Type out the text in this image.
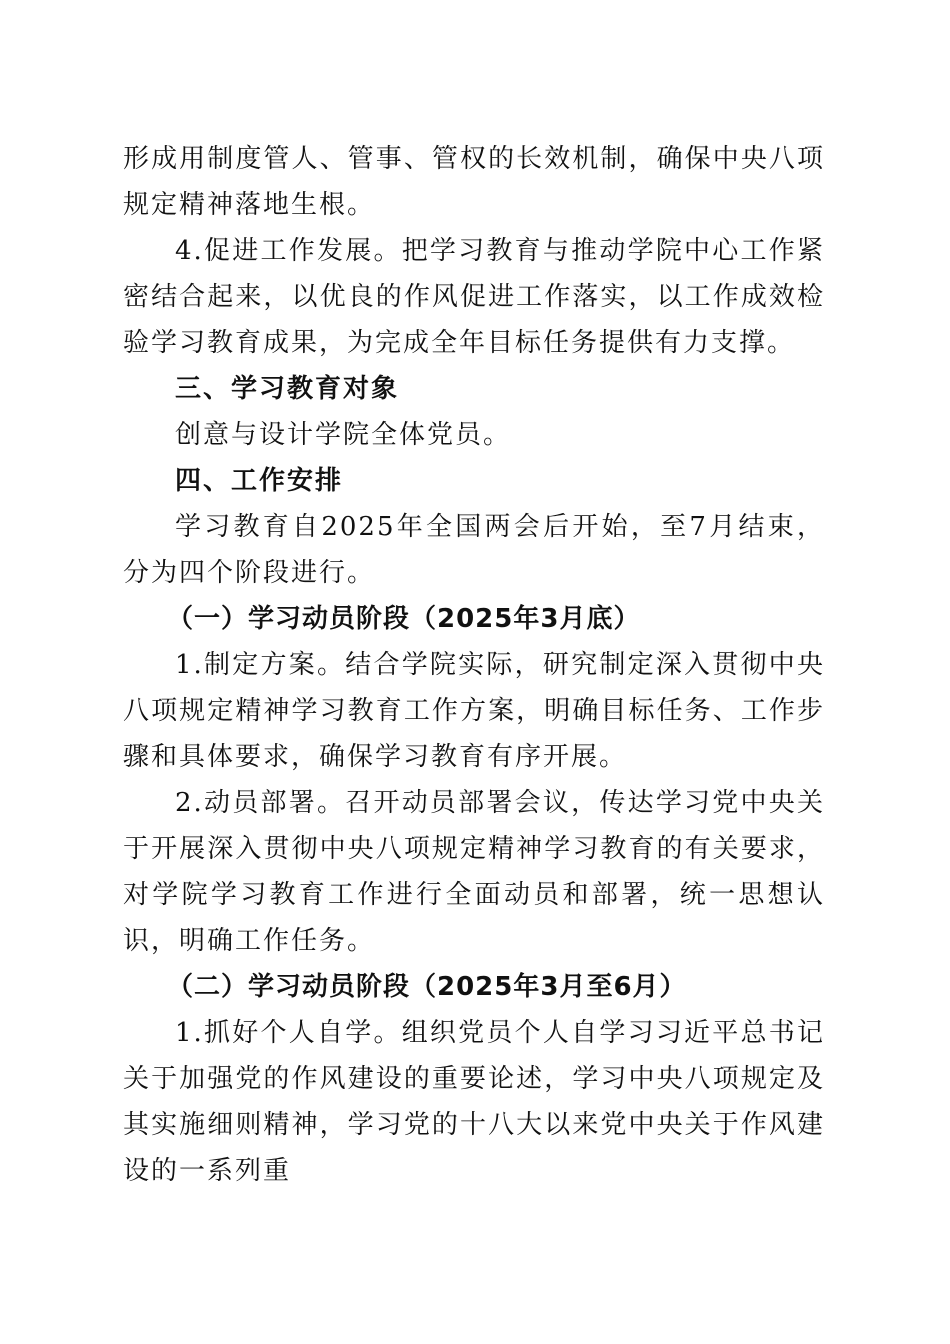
形成用制度管人、管事、管权的长效机制，确保中央八项规定精神落地生根。

4.促进工作发展。把学习教育与推动学院中心工作紧密结合起来，以优良的作风促进工作落实，以工作成效检验学习教育成果，为完成全年目标任务提供有力支撑。

三、学习教育对象

创意与设计学院全体党员。

四、工作安排

学习教育自2025年全国两会后开始，至7月结束，分为四个阶段进行。

（一）学习动员阶段（2025年3月底）

1.制定方案。结合学院实际，研究制定深入贯彻中央八项规定精神学习教育工作方案，明确目标任务、工作步骤和具体要求，确保学习教育有序开展。

2.动员部署。召开动员部署会议，传达学习党中央关于开展深入贯彻中央八项规定精神学习教育的有关要求，对学院学习教育工作进行全面动员和部署，统一思想认识，明确工作任务。

（二）学习动员阶段（2025年3月至6月）

1.抓好个人自学。组织党员个人自学习习近平总书记关于加强党的作风建设的重要论述，学习中央八项规定及其实施细则精神，学习党的十八大以来党中央关于作风建设的一系列重
